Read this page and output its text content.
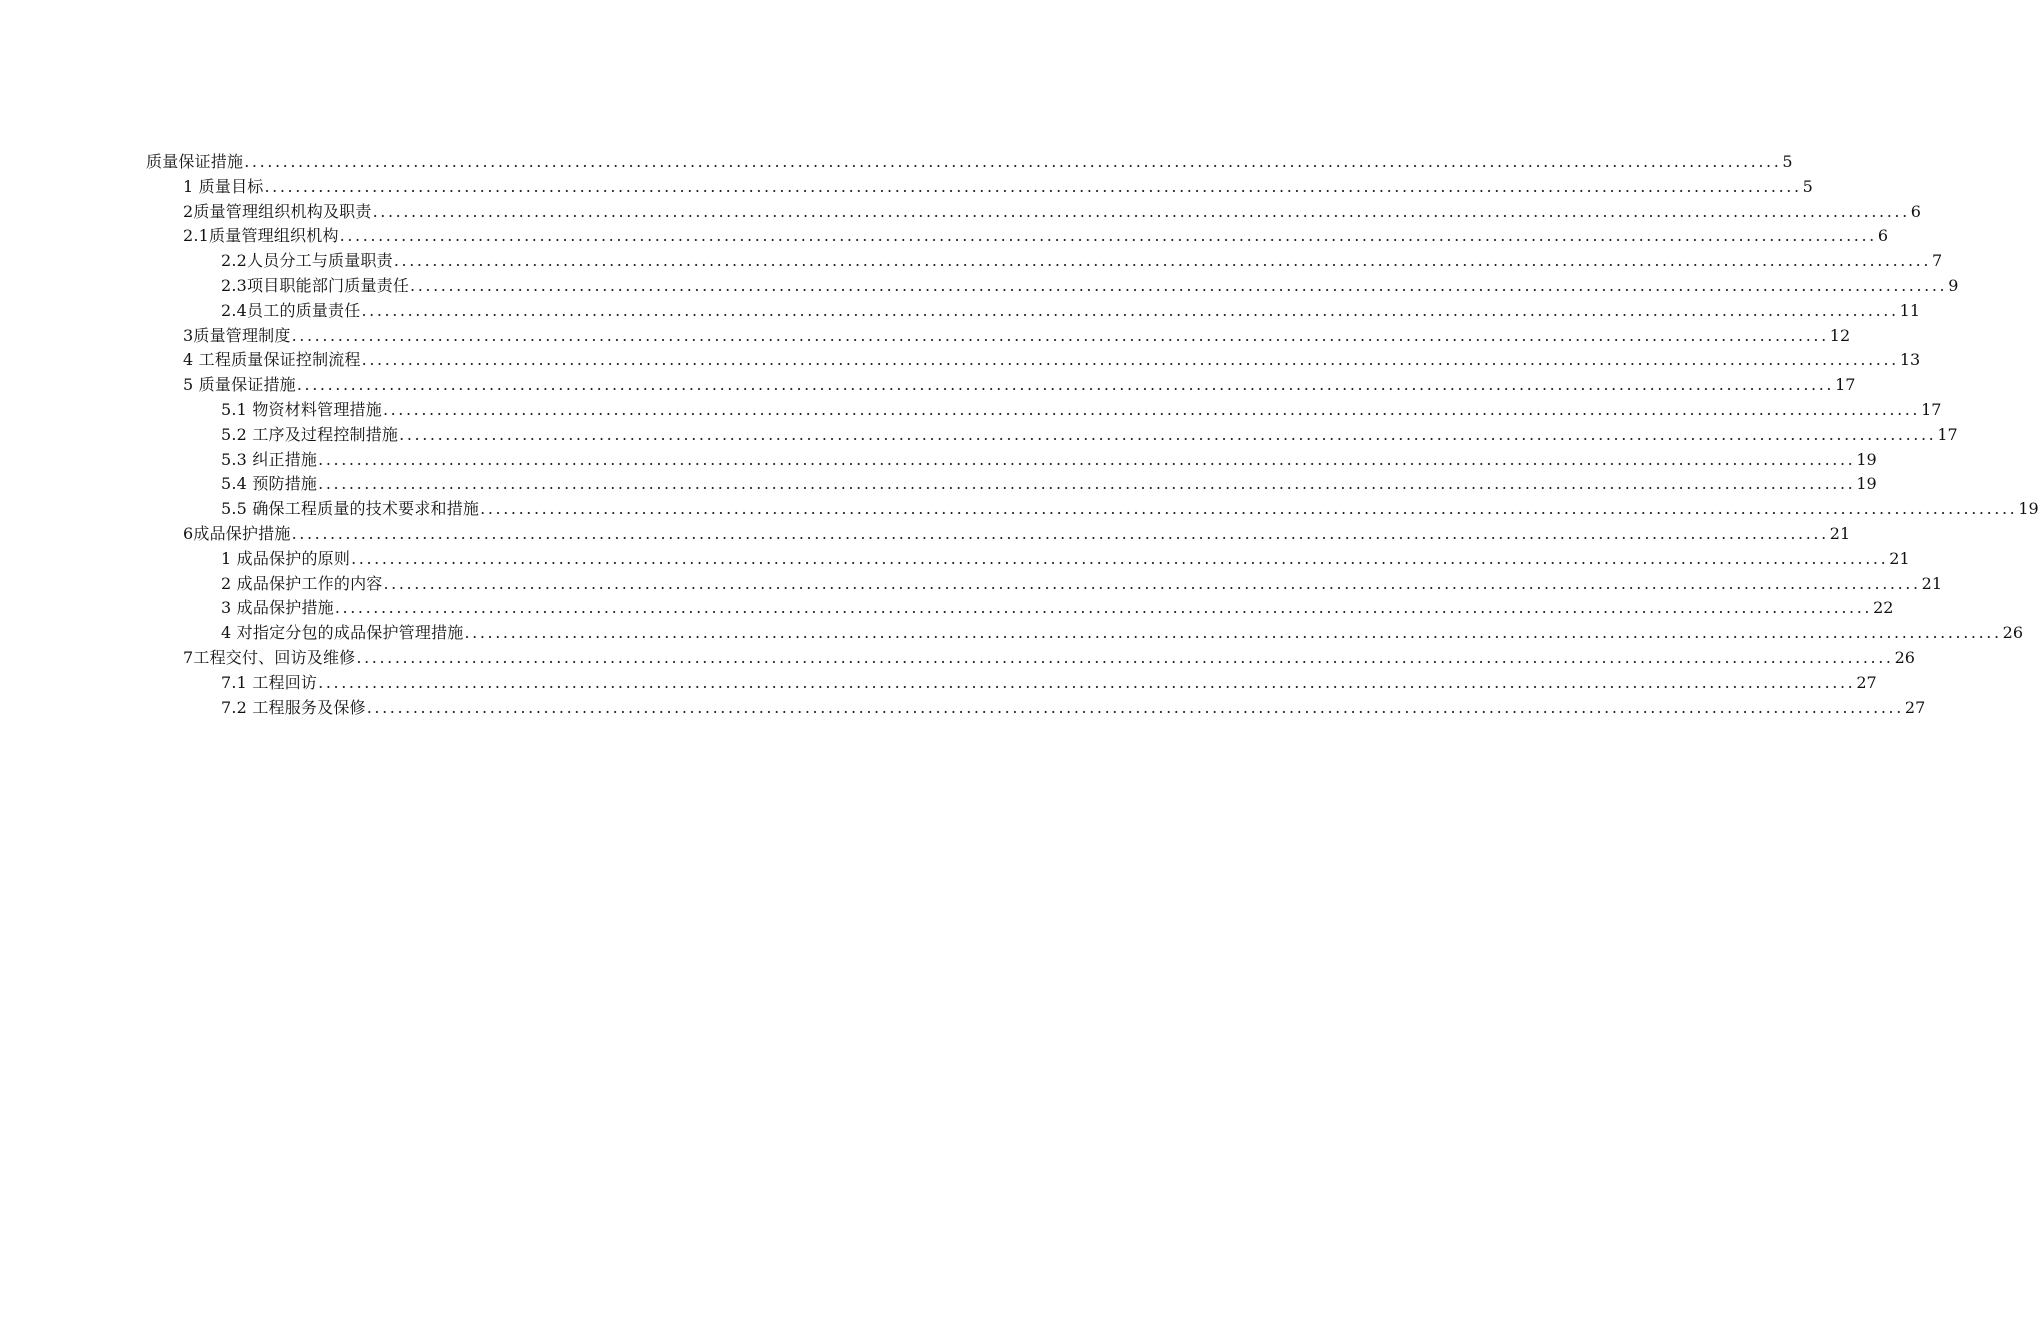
质量保证措施 ........................................................................................................................................................................................................ 5
1 质量目标 ........................................................................................................................................................................................................ 5
2质量管理组织机构及职责 ........................................................................................................................................................................................................ 6
2.1质量管理组织机构 ........................................................................................................................................................................................................ 6
2.2人员分工与质量职责 ........................................................................................................................................................................................................ 7
2.3项目职能部门质量责任 ........................................................................................................................................................................................................ 9
2.4员工的质量责任 ........................................................................................................................................................................................................ 11
3质量管理制度 ........................................................................................................................................................................................................ 12
4 工程质量保证控制流程 ........................................................................................................................................................................................................ 13
5 质量保证措施 ........................................................................................................................................................................................................ 17
5.1 物资材料管理措施 ........................................................................................................................................................................................................ 17
5.2 工序及过程控制措施 ........................................................................................................................................................................................................ 17
5.3 纠正措施 ........................................................................................................................................................................................................ 19
5.4 预防措施 ........................................................................................................................................................................................................ 19
5.5 确保工程质量的技术要求和措施 ........................................................................................................................................................................................................ 19
6成品保护措施 ........................................................................................................................................................................................................ 21
1 成品保护的原则 ........................................................................................................................................................................................................ 21
2 成品保护工作的内容 ........................................................................................................................................................................................................ 21
3 成品保护措施 ........................................................................................................................................................................................................ 22
4 对指定分包的成品保护管理措施 ........................................................................................................................................................................................................ 26
7工程交付、回访及维修 ........................................................................................................................................................................................................ 26
7.1 工程回访 ........................................................................................................................................................................................................ 27
7.2 工程服务及保修 ........................................................................................................................................................................................................ 27
